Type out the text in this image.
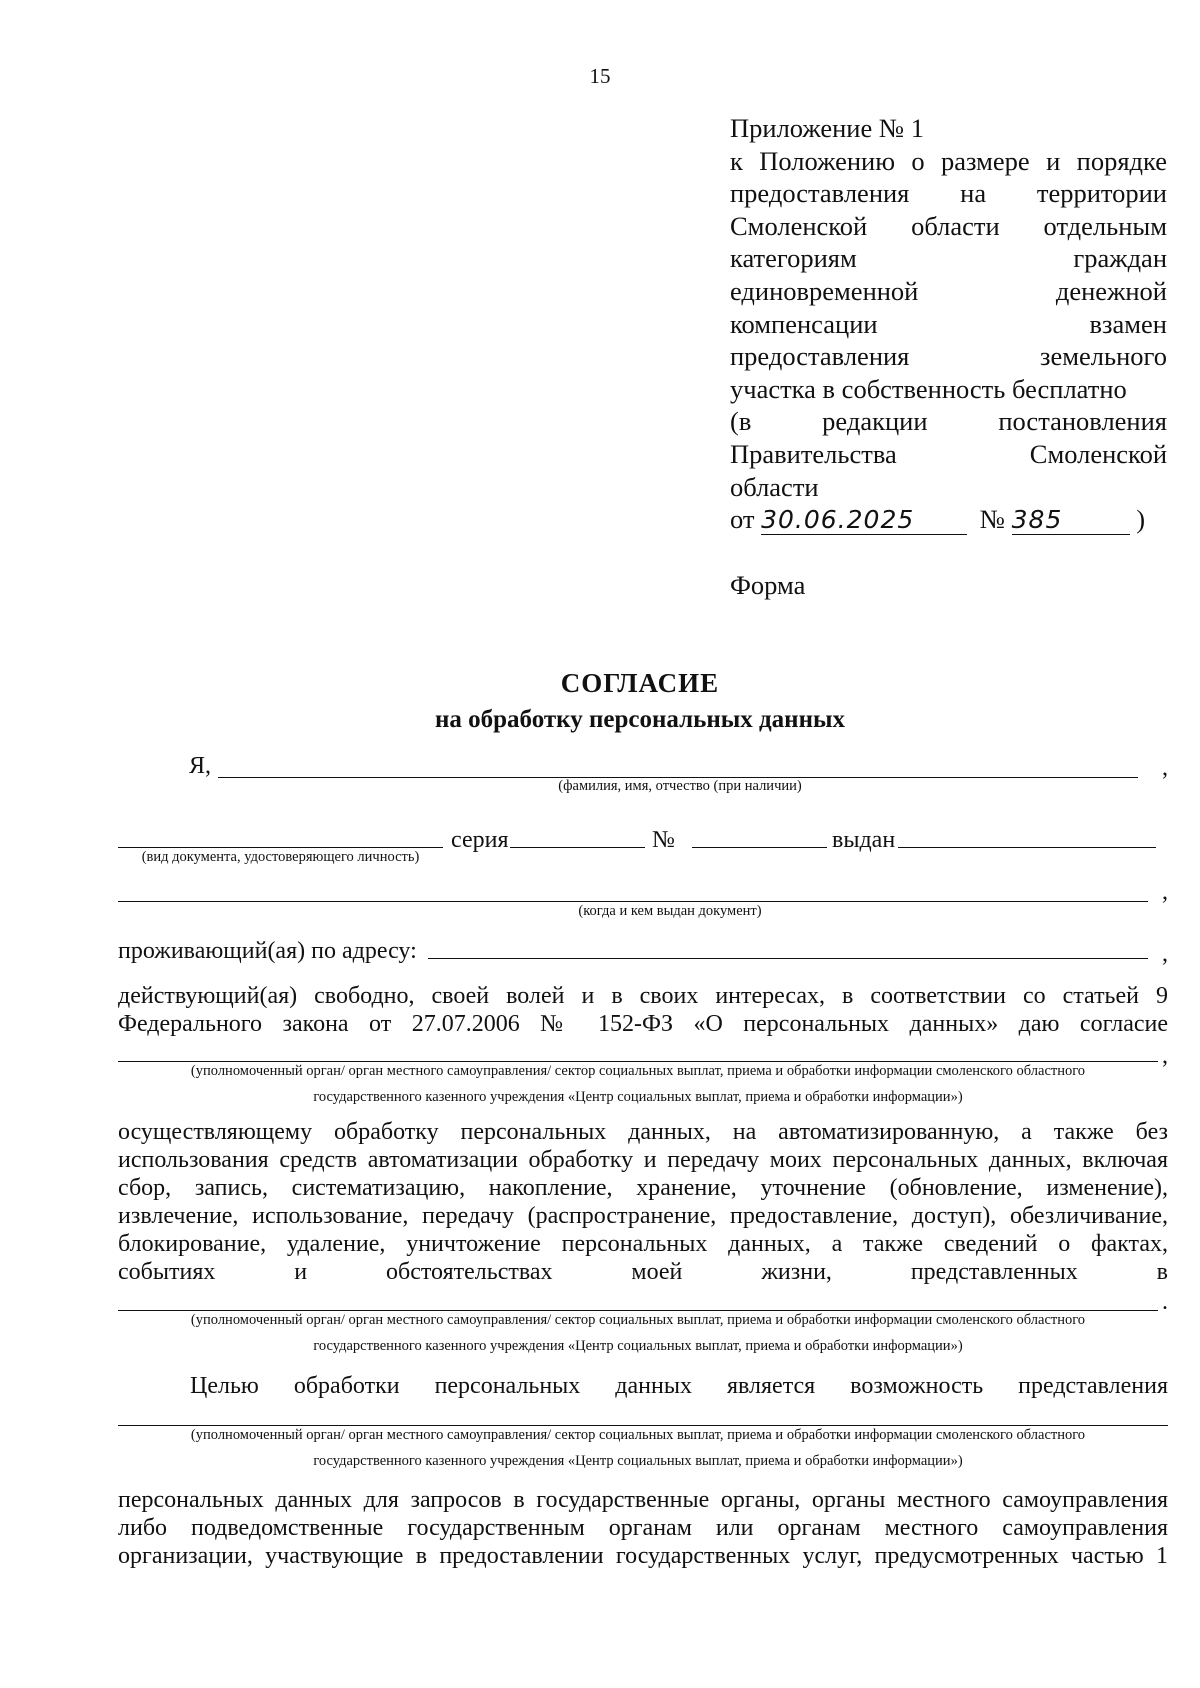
15
Приложение № 1
к Положению о размере и порядке
предоставления на территории
Смоленской области отдельным
категориям граждан
единовременной денежной
компенсации взамен
предоставления земельного
участка в собственность бесплатно
(в редакции постановления
Правительства Смоленской
области
от 30.06.2025 № 385	)
Форма
СОГЛАСИЕ
на обработку персональных данных
Я,	,
(фамилия, имя, отчество (при наличии)
(вид документа, удостоверяющего личность)
серия	№	выдан
,
(когда и кем выдан документ)
проживающий(ая) по адресу:	,
действующий(ая) свободно, своей волей и в своих интересах, в соответствии со статьей 9
Федерального закона от 27.07.2006 № 152-ФЗ «О персональных данных» даю согласие
,
(уполномоченный орган/ орган местного самоуправления/ сектор социальных выплат, приема и обработки информации смоленского областного
государственного казенного учреждения «Центр социальных выплат, приема и обработки информации»)
осуществляющему обработку персональных данных, на автоматизированную, а также без
использования средств автоматизации обработку и передачу моих персональных данных, включая
сбор, запись, систематизацию, накопление, хранение, уточнение (обновление, изменение),
извлечение, использование, передачу (распространение, предоставление, доступ), обезличивание,
блокирование, удаление, уничтожение персональных данных, а также сведений о фактах,
событиях и обстоятельствах моей жизни, представленных в
.
(уполномоченный орган/ орган местного самоуправления/ сектор социальных выплат, приема и обработки информации смоленского областного
государственного казенного учреждения «Центр социальных выплат, приема и обработки информации»)
Целью обработки персональных данных является возможность представления
(уполномоченный орган/ орган местного самоуправления/ сектор социальных выплат, приема и обработки информации смоленского областного
государственного казенного учреждения «Центр социальных выплат, приема и обработки информации»)
персональных данных для запросов в государственные органы, органы местного самоуправления
либо подведомственные государственным органам или органам местного самоуправления
организации, участвующие в предоставлении государственных услуг, предусмотренных частью 1
